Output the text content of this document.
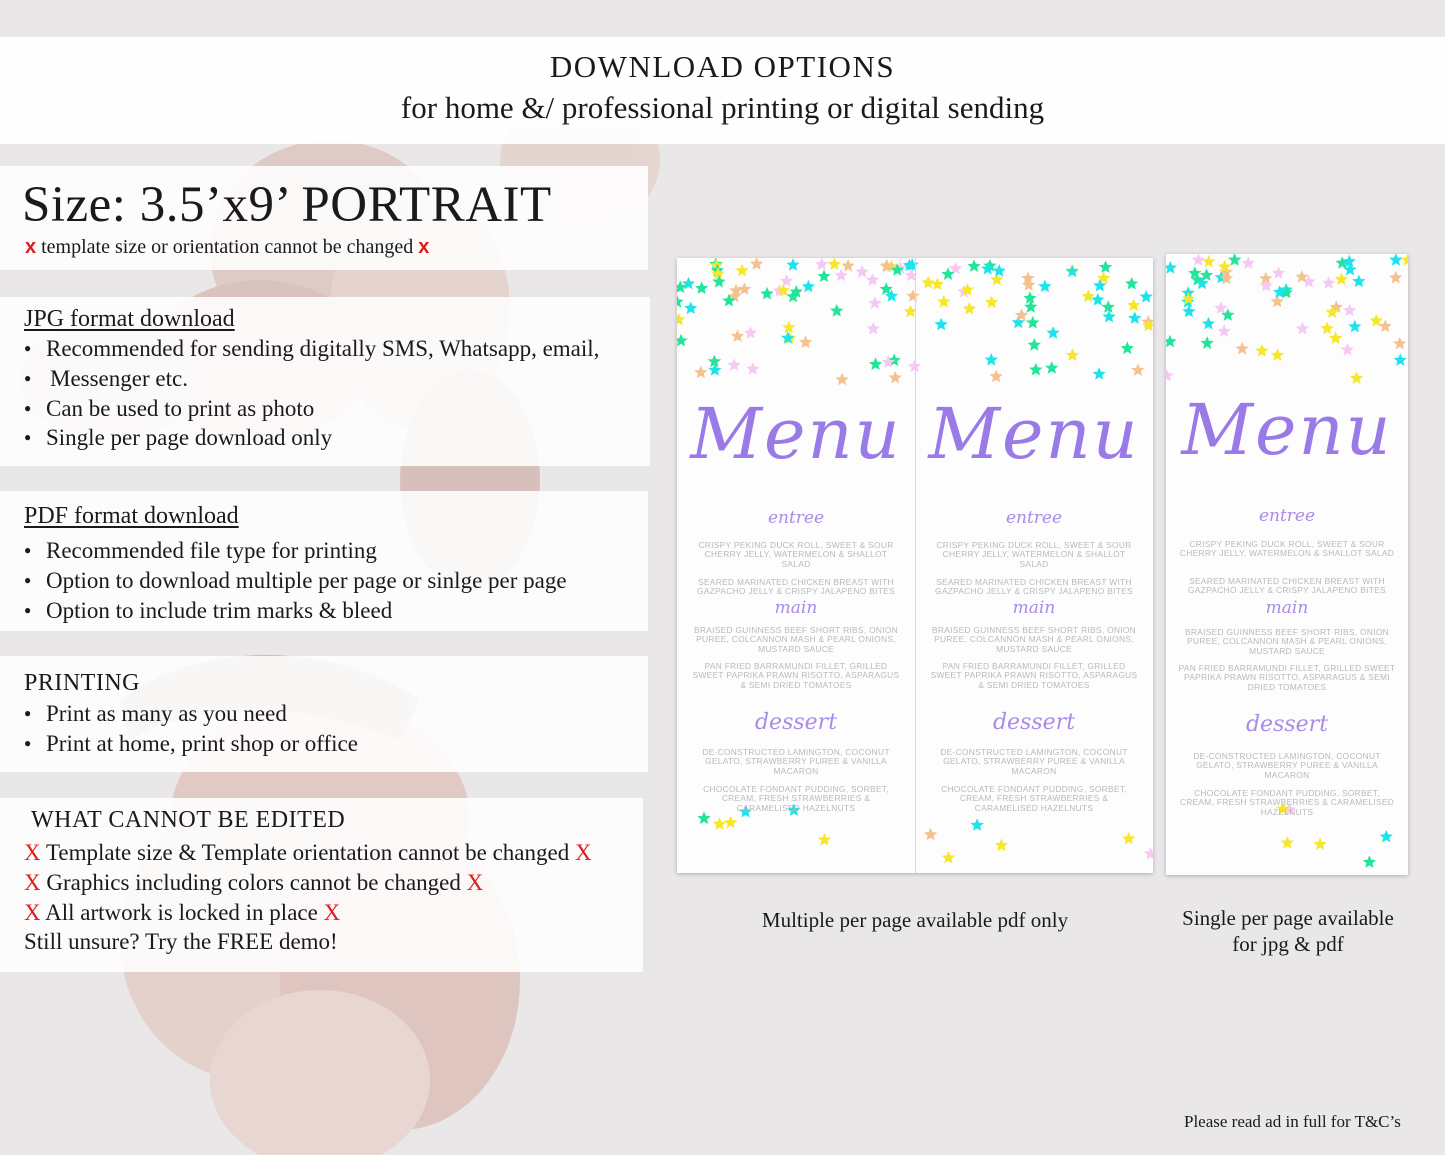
DOWNLOAD OPTIONS
for home &/ professional printing or digital sending
Size: 3.5’x9’ PORTRAIT
x template size or orientation cannot be changed x
JPG format download
● Recommended for sending digitally SMS, Whatsapp, email,
● Messenger etc.
● Can be used to print as photo
● Single per page download only
PDF format download
● Recommended file type for printing
● Option to download multiple per page or sinlge per page
● Option to include trim marks & bleed
PRINTING
● Print as many as you need
● Print at home, print shop or office
WHAT CANNOT BE EDITED
X Template size & Template orientation cannot be changed X
X Graphics including colors cannot be changed X
X All artwork is locked in place X
Still unsure? Try the FREE demo!
Menu
entree
CRISPY PEKING DUCK ROLL, SWEET & SOUR CHERRY JELLY, WATERMELON & SHALLOT SALAD
SEARED MARINATED CHICKEN BREAST WITH GAZPACHO JELLY & CRISPY JALAPENO BITES
main
BRAISED GUINNESS BEEF SHORT RIBS, ONION PUREE, COLCANNON MASH & PEARL ONIONS, MUSTARD SAUCE
PAN FRIED BARRAMUNDI FILLET, GRILLED SWEET PAPRIKA PRAWN RISOTTO, ASPARAGUS & SEMI DRIED TOMATOES
dessert
DE-CONSTRUCTED LAMINGTON, COCONUT GELATO, STRAWBERRY PUREE & VANILLA MACARON
CHOCOLATE FONDANT PUDDING, SORBET, CREAM, FRESH STRAWBERRIES & CARAMELISED HAZELNUTS
Menu
entree
CRISPY PEKING DUCK ROLL, SWEET & SOUR CHERRY JELLY, WATERMELON & SHALLOT SALAD
SEARED MARINATED CHICKEN BREAST WITH GAZPACHO JELLY & CRISPY JALAPENO BITES
main
BRAISED GUINNESS BEEF SHORT RIBS, ONION PUREE, COLCANNON MASH & PEARL ONIONS, MUSTARD SAUCE
PAN FRIED BARRAMUNDI FILLET, GRILLED SWEET PAPRIKA PRAWN RISOTTO, ASPARAGUS & SEMI DRIED TOMATOES
dessert
DE-CONSTRUCTED LAMINGTON, COCONUT GELATO, STRAWBERRY PUREE & VANILLA MACARON
CHOCOLATE FONDANT PUDDING, SORBET, CREAM, FRESH STRAWBERRIES & CARAMELISED HAZELNUTS
Menu
entree
CRISPY PEKING DUCK ROLL, SWEET & SOUR CHERRY JELLY, WATERMELON & SHALLOT SALAD
SEARED MARINATED CHICKEN BREAST WITH GAZPACHO JELLY & CRISPY JALAPENO BITES
main
BRAISED GUINNESS BEEF SHORT RIBS, ONION PUREE, COLCANNON MASH & PEARL ONIONS, MUSTARD SAUCE
PAN FRIED BARRAMUNDI FILLET, GRILLED SWEET PAPRIKA PRAWN RISOTTO, ASPARAGUS & SEMI DRIED TOMATOES
dessert
DE-CONSTRUCTED LAMINGTON, COCONUT GELATO, STRAWBERRY PUREE & VANILLA MACARON
CHOCOLATE FONDANT PUDDING, SORBET, CREAM, FRESH STRAWBERRIES & CARAMELISED HAZELNUTS
Multiple per page available pdf only	Single per page available
for jpg & pdf
Please read ad in full for T&C’s
